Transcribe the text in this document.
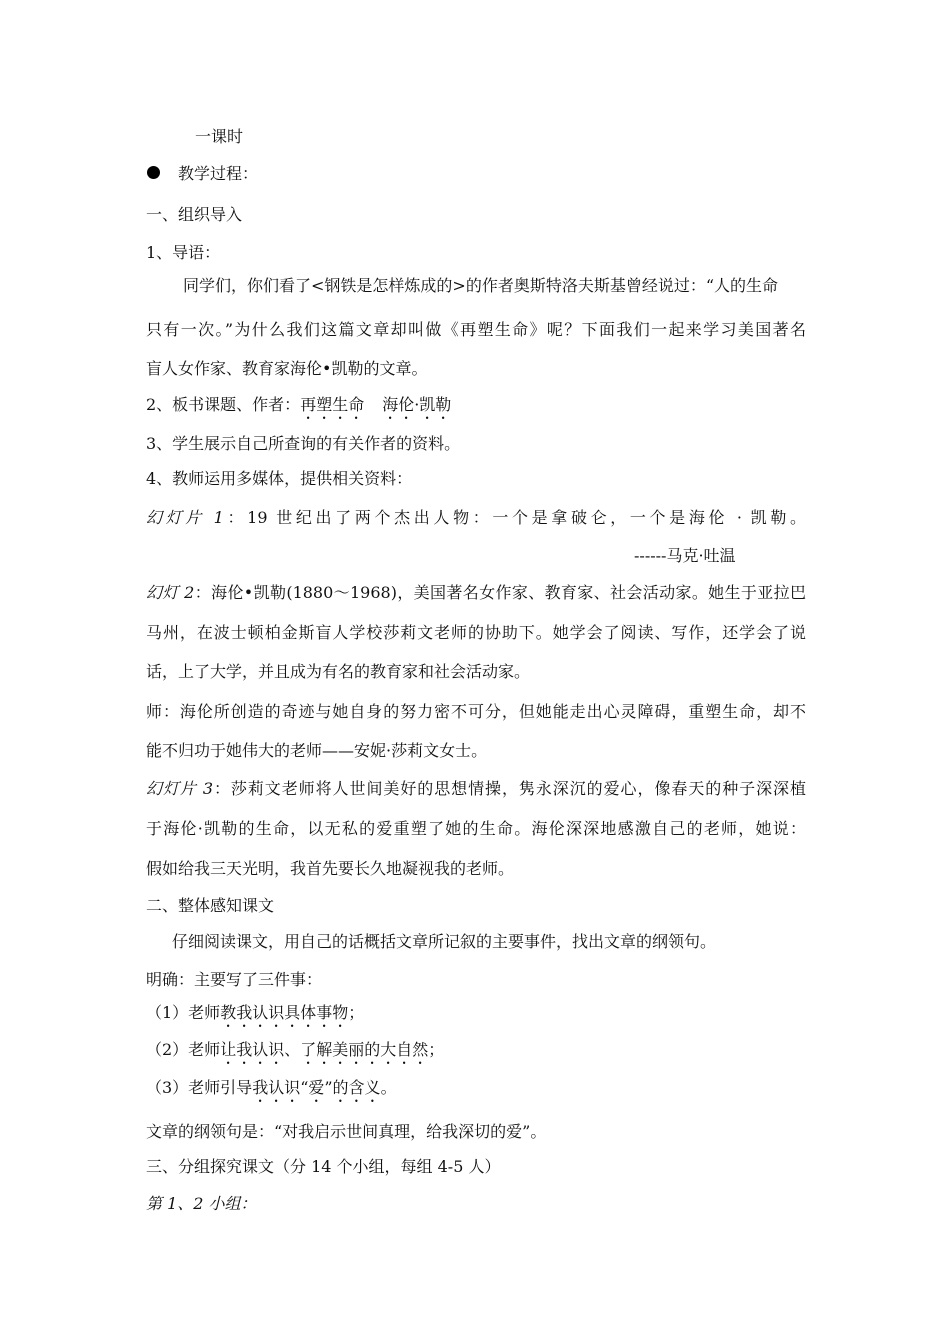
一课时
教学过程：
一、组织导入
1、导语：
同学们，你们看了<钢铁是怎样炼成的>的作者奥斯特洛夫斯基曾经说过：“人的生命
只有一次。”为什么我们这篇文章却叫做《再塑生命》呢？下面我们一起来学习美国著名
盲人女作家、教育家海伦•凯勒的文章。
2、板书课题、作者：再塑生命 海伦·凯勒
3、学生展示自己所查询的有关作者的资料。
4、教师运用多媒体，提供相关资料：
幻灯片 1：19 世纪出了两个杰出人物：一个是拿破仑，一个是海伦 · 凯勒。
------马克·吐温
幻灯 2：海伦•凯勒(1880～1968)，美国著名女作家、教育家、社会活动家。她生于亚拉巴
马州，在波士顿柏金斯盲人学校莎莉文老师的协助下。她学会了阅读、写作，还学会了说
话，上了大学，并且成为有名的教育家和社会活动家。
师：海伦所创造的奇迹与她自身的努力密不可分，但她能走出心灵障碍，重塑生命，却不
能不归功于她伟大的老师——安妮·莎莉文女士。
幻灯片 3：莎莉文老师将人世间美好的思想情操，隽永深沉的爱心，像春天的种子深深植
于海伦·凯勒的生命，以无私的爱重塑了她的生命。海伦深深地感激自己的老师，她说：
假如给我三天光明，我首先要长久地凝视我的老师。
二、整体感知课文
仔细阅读课文，用自己的话概括文章所记叙的主要事件，找出文章的纲领句。
明确：主要写了三件事：
（1）老师教我认识具体事物；
（2）老师让我认识、了解美丽的大自然；
（3）老师引导我认识“爱”的含义。
文章的纲领句是：“对我启示世间真理，给我深切的爱”。
三、分组探究课文（分 14 个小组，每组 4-5 人）
第 1、2 小组：
